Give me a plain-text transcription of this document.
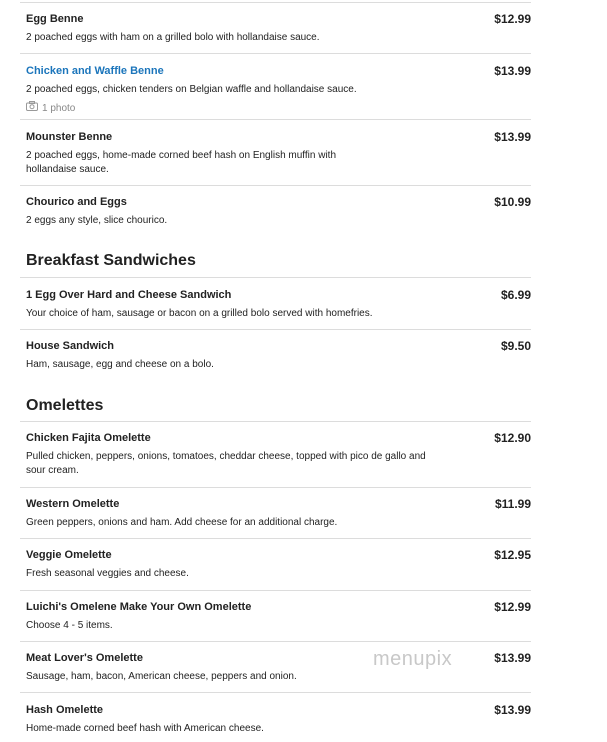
Egg Benne	$12.99
2 poached eggs with ham on a grilled bolo with hollandaise sauce.
Chicken and Waffle Benne	$13.99
2 poached eggs, chicken tenders on Belgian waffle and hollandaise sauce.
1 photo
Mounster Benne	$13.99
2 poached eggs, home-made corned beef hash on English muffin with hollandaise sauce.
Chourico and Eggs	$10.99
2 eggs any style, slice chourico.
Breakfast Sandwiches
1 Egg Over Hard and Cheese Sandwich	$6.99
Your choice of ham, sausage or bacon on a grilled bolo served with homefries.
House Sandwich	$9.50
Ham, sausage, egg and cheese on a bolo.
Omelettes
Chicken Fajita Omelette	$12.90
Pulled chicken, peppers, onions, tomatoes, cheddar cheese, topped with pico de gallo and sour cream.
Western Omelette	$11.99
Green peppers, onions and ham. Add cheese for an additional charge.
Veggie Omelette	$12.95
Fresh seasonal veggies and cheese.
Luichi's Omelene Make Your Own Omelette	$12.99
Choose 4 - 5 items.
Meat Lover's Omelette	$13.99
Sausage, ham, bacon, American cheese, peppers and onion.
Hash Omelette	$13.99
Home-made corned beef hash with American cheese.
menupix
